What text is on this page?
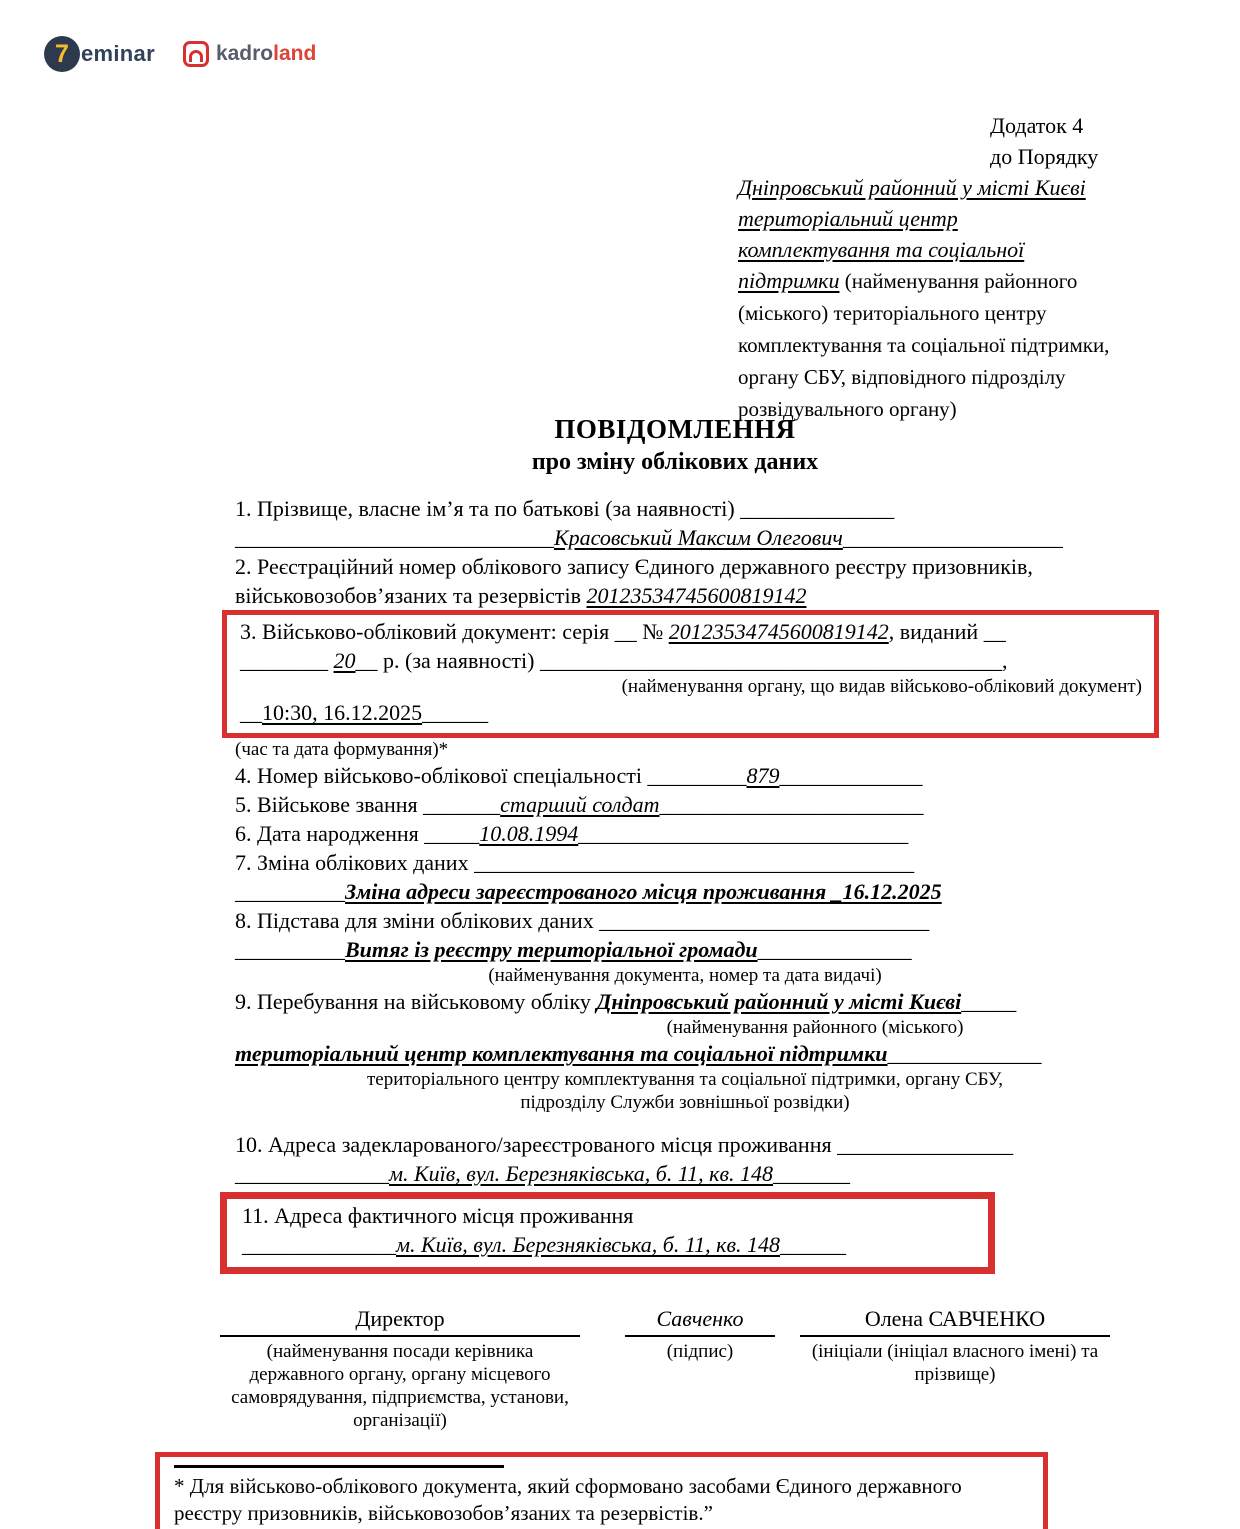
7 eminar	kadroland
Додаток 4
до Порядку
Дніпровський районний у місті Києві
територіальний центр
комплектування та соціальної
підтримки (найменування районного (міського) територіального центру комплектування та соціальної підтримки, органу СБУ, відповідного підрозділу розвідувального органу)
ПОВІДОМЛЕННЯ
про зміну облікових даних
1. Прізвище, власне ім’я та по батькові (за наявності) ______________
_____________________________Красовський Максим Олегович____________________
2. Реєстраційний номер облікового запису Єдиного державного реєстру призовників,
військовозобов’язаних та резервістів 20123534745600819142
3. Військово-обліковий документ: серія __ № 20123534745600819142, виданий __
________ 20__ р. (за наявності) __________________________________________,
(найменування органу, що видав військово-обліковий документ)
__10:30, 16.12.2025______
(час та дата формування)*
4. Номер військово-облікової спеціальності _________879_____________
5. Військове звання _______старший солдат________________________
6. Дата народження _____10.08.1994______________________________
7. Зміна облікових даних ________________________________________
__________Зміна адреси зареєстрованого місця проживання _16.12.2025
8. Підстава для зміни облікових даних ______________________________
__________Витяг із реєстру територіальної громади______________
(найменування документа, номер та дата видачі)
9. Перебування на військовому обліку Дніпровський районний у місті Києві_____
(найменування районного (міського)
територіальний центр комплектування та соціальної підтримки______________
територіального центру комплектування та соціальної підтримки, органу СБУ,
підрозділу Служби зовнішньої розвідки)
10. Адреса задекларованого/зареєстрованого місця проживання ________________
______________м. Київ, вул. Березняківська, б. 11, кв. 148_______
11. Адреса фактичного місця проживання
______________м. Київ, вул. Березняківська, б. 11, кв. 148______
Директор
(найменування посади керівника державного органу, органу місцевого самоврядування, підприємства, установи, організації)
Савченко
(підпис)
Олена САВЧЕНКО
(ініціали (ініціал власного імені) та прізвище)
* Для військово-облікового документа, який сформовано засобами Єдиного державного реєстру призовників, військовозобов’язаних та резервістів.”
